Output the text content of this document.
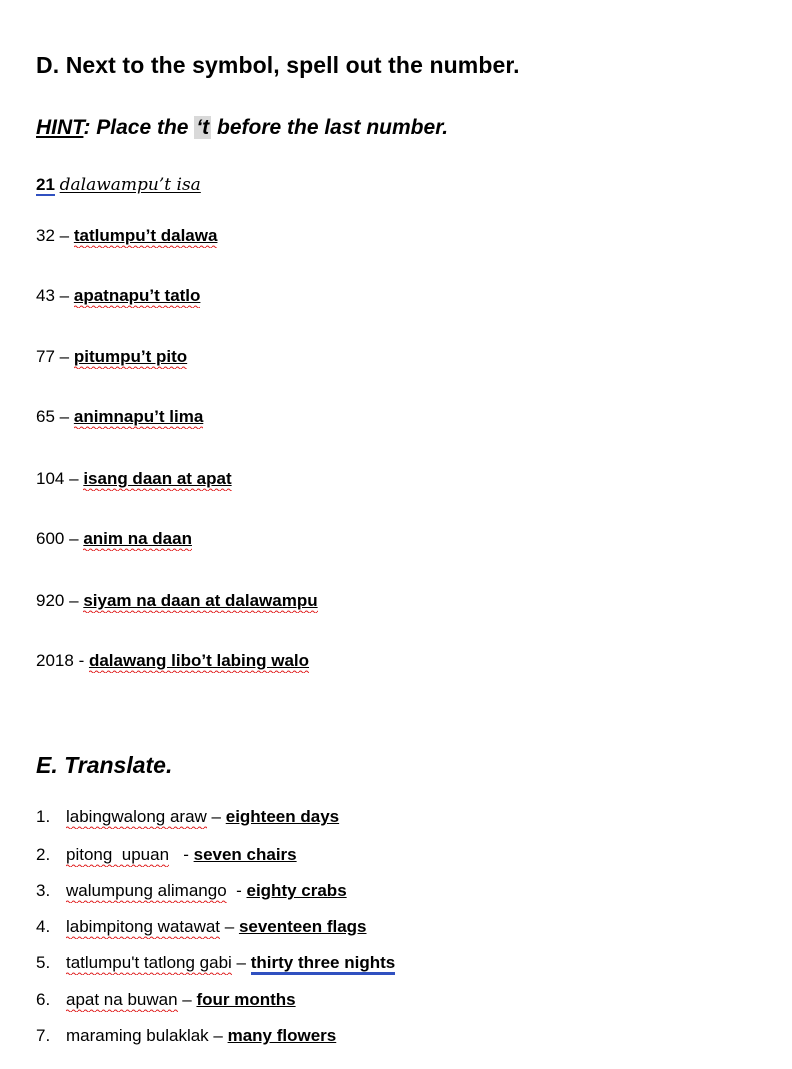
D. Next to the symbol, spell out the number.
HINT: Place the ‘t before the last number.
21 dalawampu’t isa
32 – tatlumpu’t dalawa
43 – apatnapu’t tatlo
77 – pitumpu’t pito
65 – animnapu’t lima
104 – isang daan at apat
600 – anim na daan
920 – siyam na daan at dalawampu
2018 - dalawang libo’t labing walo
E. Translate.
1. labingwalong araw – eighteen days
2. pitong  upuan   - seven chairs
3. walumpung alimango  - eighty crabs
4. labimpitong watawat – seventeen flags
5. tatlumpu't tatlong gabi – thirty three nights
6. apat na buwan – four months
7. maraming bulaklak – many flowers
